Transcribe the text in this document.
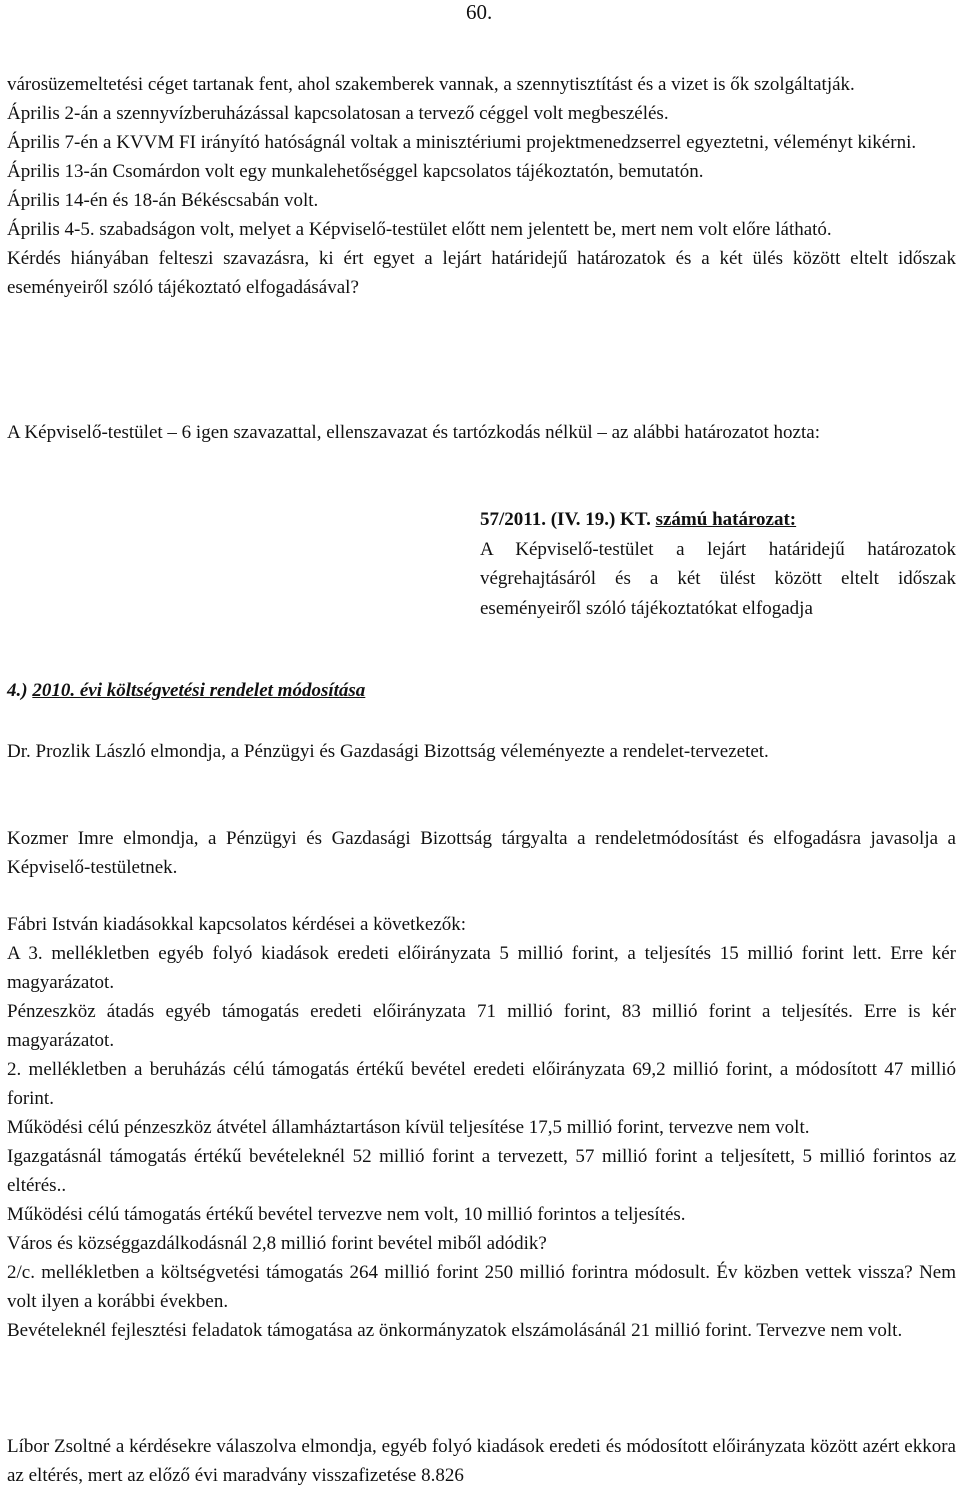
60.
városüzemeltetési céget tartanak fent, ahol szakemberek vannak, a szennytisztítást és a vizet is ők szolgáltatják.
Április 2-án a szennyvízberuházással kapcsolatosan a tervező céggel volt megbeszélés.
Április 7-én a KVVM FI irányító hatóságnál voltak a minisztériumi projektmenedzserrel egyeztetni, véleményt kikérni.
Április 13-án Csomárdon volt egy munkalehetőséggel kapcsolatos tájékoztatón, bemutatón.
Április 14-én és 18-án Békéscsabán volt.
Április 4-5. szabadságon volt, melyet a Képviselő-testület előtt nem jelentett be, mert nem volt előre látható.
Kérdés hiányában felteszi szavazásra, ki ért egyet a lejárt határidejű határozatok és a két ülés között eltelt időszak eseményeiről szóló tájékoztató elfogadásával?
A Képviselő-testület – 6 igen szavazattal, ellenszavazat és tartózkodás nélkül – az alábbi határozatot hozta:
57/2011. (IV. 19.) KT. számú határozat:
A Képviselő-testület a lejárt határidejű határozatok végrehajtásáról és a két ülést között eltelt időszak eseményeiről szóló tájékoztatókat elfogadja
4.) 2010. évi költségvetési rendelet módosítása
Dr. Prozlik László elmondja, a Pénzügyi és Gazdasági Bizottság véleményezte a rendelet-tervezetet.
Kozmer Imre elmondja, a Pénzügyi és Gazdasági Bizottság tárgyalta a rendeletmódosítást és elfogadásra javasolja a Képviselő-testületnek.
Fábri István kiadásokkal kapcsolatos kérdései a következők:
A 3. mellékletben egyéb folyó kiadások eredeti előirányzata 5 millió forint, a teljesítés 15 millió forint lett. Erre kér magyarázatot.
Pénzeszköz átadás egyéb támogatás eredeti előirányzata 71 millió forint, 83 millió forint a teljesítés. Erre is kér magyarázatot.
2. mellékletben a beruházás célú támogatás értékű bevétel eredeti előirányzata 69,2 millió forint, a módosított 47 millió forint.
Működési célú pénzeszköz átvétel államháztartáson kívül teljesítése 17,5 millió forint, tervezve nem volt.
Igazgatásnál támogatás értékű bevételeknél 52 millió forint a tervezett, 57 millió forint a teljesített, 5 millió forintos az eltérés..
Működési célú támogatás értékű bevétel tervezve nem volt, 10 millió forintos a teljesítés.
Város és községgazdálkodásnál 2,8 millió forint bevétel miből adódik?
2/c. mellékletben a költségvetési támogatás 264 millió forint 250 millió forintra módosult. Év közben vettek vissza? Nem volt ilyen a korábbi években.
Bevételeknél fejlesztési feladatok támogatása az önkormányzatok elszámolásánál 21 millió forint. Tervezve nem volt.
Líbor Zsoltné a kérdésekre válaszolva elmondja, egyéb folyó kiadások eredeti és módosított előirányzata között azért ekkora az eltérés, mert az előző évi maradvány visszafizetése 8.826
